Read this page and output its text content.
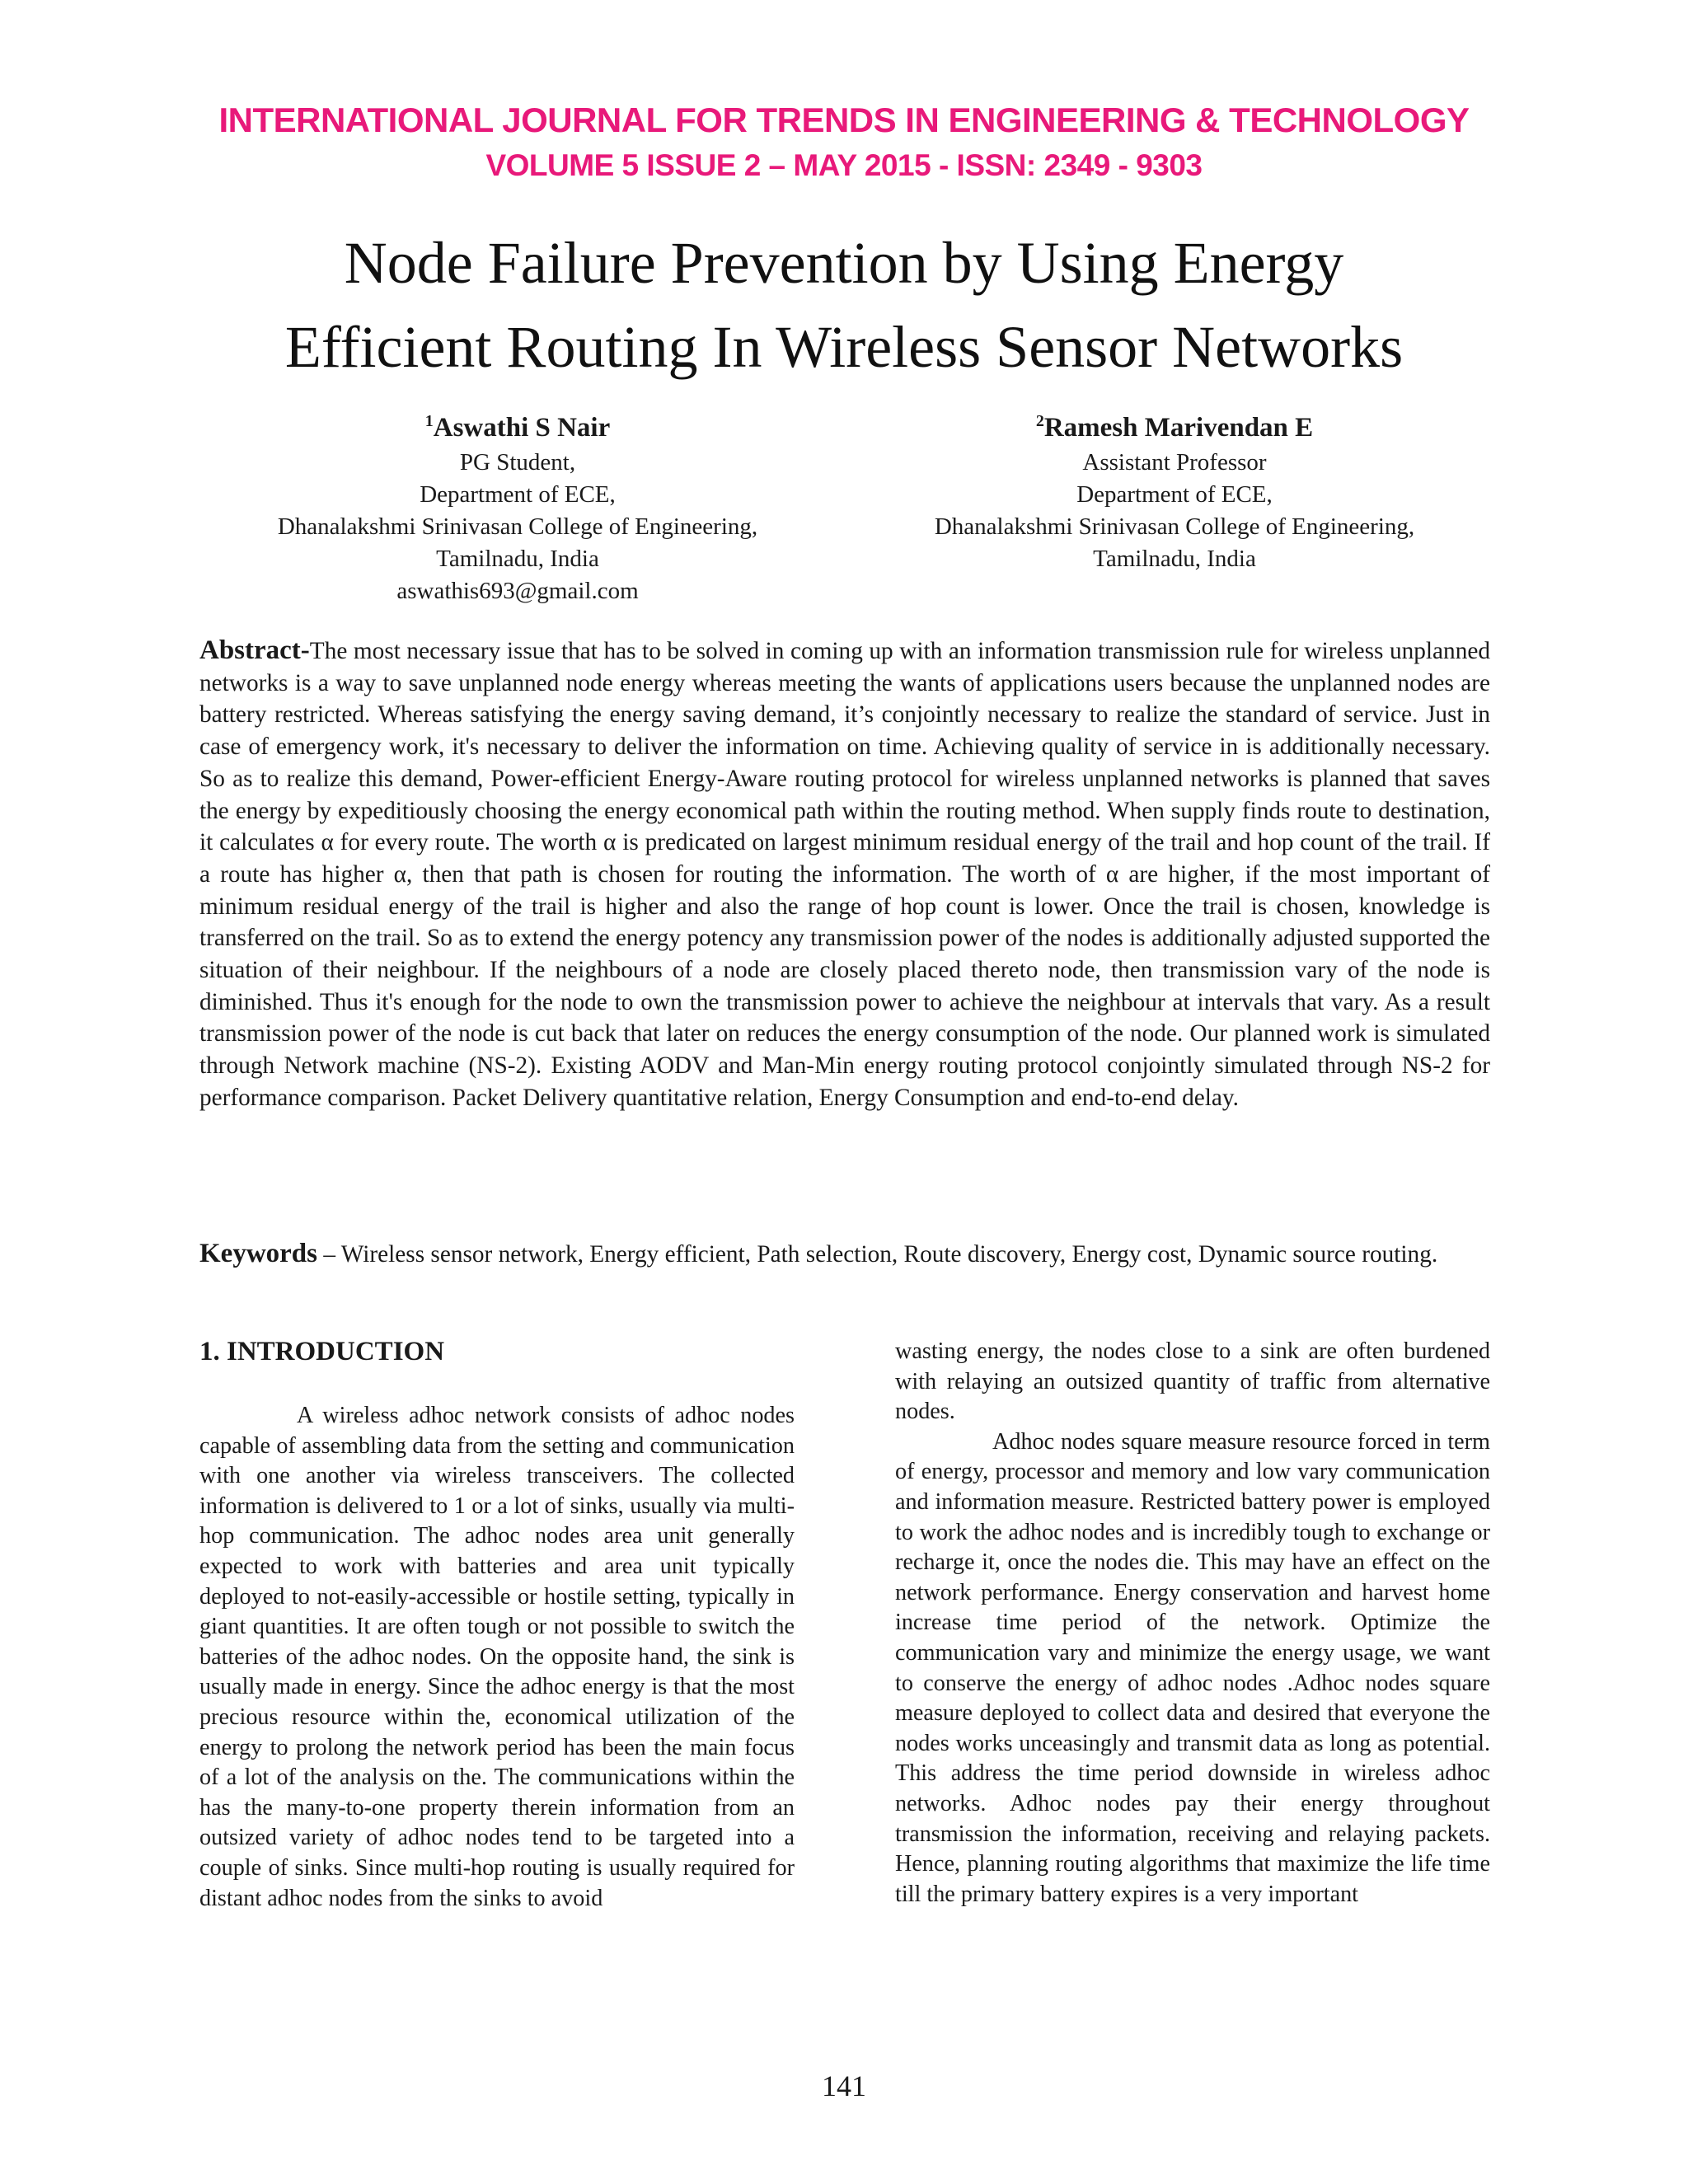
INTERNATIONAL JOURNAL FOR TRENDS IN ENGINEERING & TECHNOLOGY
VOLUME 5 ISSUE 2 – MAY 2015 - ISSN: 2349 - 9303
Node Failure Prevention by Using Energy
Efficient Routing In Wireless Sensor Networks
$^1$Aswathi S Nair
PG Student,
Department of ECE,
Dhanalakshmi Srinivasan College of Engineering,
Tamilnadu, India
aswathis693@gmail.com
$^2$Ramesh Marivendan E
Assistant Professor
Department of ECE,
Dhanalakshmi Srinivasan College of Engineering,
Tamilnadu, India

Abstract-The most necessary issue that has to be solved in coming up with an information transmission rule for wireless unplanned networks is a way to save unplanned node energy whereas meeting the wants of applications users because the unplanned nodes are battery restricted. Whereas satisfying the energy saving demand, it’s conjointly necessary to realize the standard of service. Just in case of emergency work, it's necessary to deliver the information on time. Achieving quality of service in is additionally necessary. So as to realize this demand, Power-efficient Energy-Aware routing protocol for wireless unplanned networks is planned that saves the energy by expeditiously choosing the energy economical path within the routing method. When supply finds route to destination, it calculates α for every route. The worth α is predicated on largest minimum residual energy of the trail and hop count of the trail. If a route has higher α, then that path is chosen for routing the information. The worth of α are higher, if the most important of minimum residual energy of the trail is higher and also the range of hop count is lower. Once the trail is chosen, knowledge is transferred on the trail. So as to extend the energy potency any transmission power of the nodes is additionally adjusted supported the situation of their neighbour. If the neighbours of a node are closely placed thereto node, then transmission vary of the node is diminished. Thus it's enough for the node to own the transmission power to achieve the neighbour at intervals that vary. As a result transmission power of the node is cut back that later on reduces the energy consumption of the node. Our planned work is simulated through Network machine (NS-2). Existing AODV and Man-Min energy routing protocol conjointly simulated through NS-2 for performance comparison. Packet Delivery quantitative relation, Energy Consumption and end-to-end delay.

Keywords – Wireless sensor network, Energy efficient, Path selection, Route discovery, Energy cost, Dynamic source routing.

1. INTRODUCTION

A wireless adhoc network consists of adhoc nodes capable of assembling data from the setting and communication with one another via wireless transceivers. The collected information is delivered to 1 or a lot of sinks, usually via multi-hop communication. The adhoc nodes area unit generally expected to work with batteries and area unit typically deployed to not-easily-accessible or hostile setting, typically in giant quantities. It are often tough or not possible to switch the batteries of the adhoc nodes. On the opposite hand, the sink is usually made in energy. Since the adhoc energy is that the most precious resource within the, economical utilization of the energy to prolong the network period has been the main focus of a lot of the analysis on the. The communications within the has the many-to-one property therein information from an outsized variety of adhoc nodes tend to be targeted into a couple of sinks. Since multi-hop routing is usually required for distant adhoc nodes from the sinks to avoid

wasting energy, the nodes close to a sink are often burdened with relaying an outsized quantity of traffic from alternative nodes.

Adhoc nodes square measure resource forced in term of energy, processor and memory and low vary communication and information measure. Restricted battery power is employed to work the adhoc nodes and is incredibly tough to exchange or recharge it, once the nodes die. This may have an effect on the network performance. Energy conservation and harvest home increase time period of the network. Optimize the communication vary and minimize the energy usage, we want to conserve the energy of adhoc nodes .Adhoc nodes square measure deployed to collect data and desired that everyone the nodes works unceasingly and transmit data as long as potential. This address the time period downside in wireless adhoc networks. Adhoc nodes pay their energy throughout transmission the information, receiving and relaying packets. Hence, planning routing algorithms that maximize the life time till the primary battery expires is a very important

141
